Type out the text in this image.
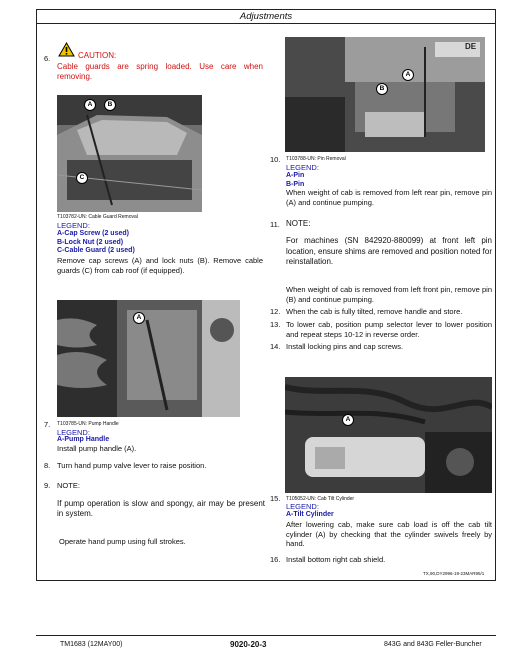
Adjustments
6.	CAUTION:
Cable guards are spring loaded. Use care when removing.
A	B
C
T103782-UN: Cable Guard Removal
LEGEND:
A-Cap Screw (2 used)
B-Lock Nut (2 used)
C-Cable Guard (2 used)
Remove cap screws (A) and lock nuts (B). Remove cable guards (C) from cab roof (if equipped).
A
7. T103785-UN: Pump Handle
LEGEND:
A-Pump Handle
Install pump handle (A).
8. Turn hand pump valve lever to raise position.
9. NOTE:
If pump operation is slow and spongy, air may be present in system.
Operate hand pump using full strokes.
DE
A
B
10. T103788-UN: Pin Removal
LEGEND:
A-Pin
B-Pin
When weight of cab is removed from left rear pin, remove pin (A) and continue pumping.
11. NOTE:
For machines (SN 842920-880099) at front left pin location, ensure shims are removed and position noted for reinstallation.
When weight of cab is removed from left front pin, remove pin (B) and continue pumping.
12. When the cab is fully tilted, remove handle and store.
13. To lower cab, position pump selector lever to lower position and repeat steps 10-12 in reverse order.
14. Install locking pins and cap screws.
A
15. T105052-UN: Cab Tilt Cylinder
LEGEND:
A-Tilt Cylinder
After lowering cab, make sure cab load is off the cab tilt cylinder (A) by checking that the cylinder swivels freely by hand.
16. Install bottom right cab shield.
TX,90,DY2996-19-23MAR95/1
TM1683 (12MAY00)	9020-20-3	843G and 843G Feller-Buncher
